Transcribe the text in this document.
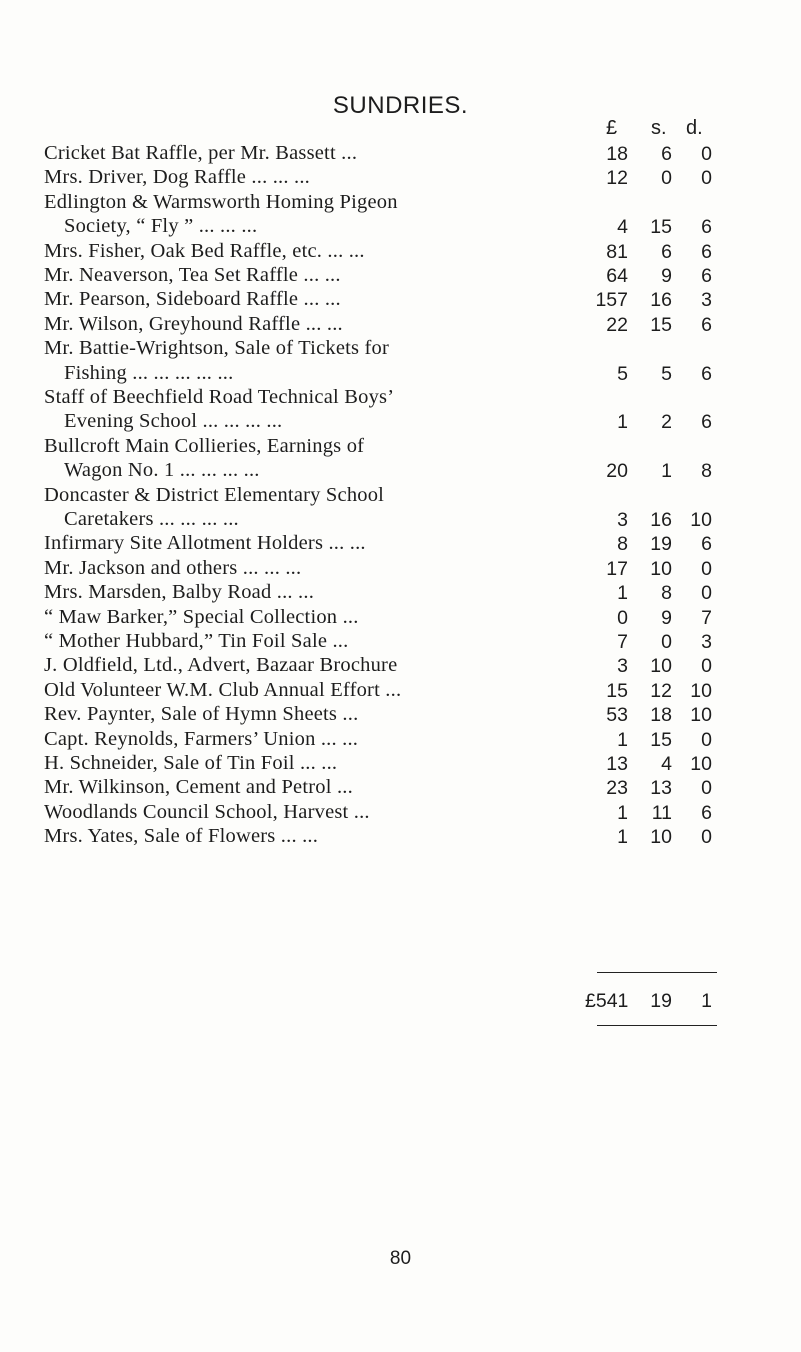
SUNDRIES.
£ s. d.
Cricket Bat Raffle, per Mr. Bassett ...	18	6	0
Mrs. Driver, Dog Raffle ... ... ...	12	0	0
Edlington & Warmsworth Homing Pigeon
Society, “ Fly ” ... ... ...	4	15	6
Mrs. Fisher, Oak Bed Raffle, etc. ... ...	81	6	6
Mr. Neaverson, Tea Set Raffle ... ...	64	9	6
Mr. Pearson, Sideboard Raffle ... ...	157	16	3
Mr. Wilson, Greyhound Raffle ... ...	22	15	6
Mr. Battie-Wrightson, Sale of Tickets for
Fishing ... ... ... ... ...	5	5	6
Staff of Beechfield Road Technical Boys’
Evening School ... ... ... ...	1	2	6
Bullcroft Main Collieries, Earnings of
Wagon No. 1 ... ... ... ...	20	1	8
Doncaster & District Elementary School
Caretakers ... ... ... ...	3	16 10
Infirmary Site Allotment Holders ... ...	8	19	6
Mr. Jackson and others ... ... ...	17	10	0
Mrs. Marsden, Balby Road ... ...	1	8	0
“ Maw Barker,” Special Collection ...	0	9	7
“ Mother Hubbard,” Tin Foil Sale ...	7	0	3
J. Oldfield, Ltd., Advert, Bazaar Brochure	3	10	0
Old Volunteer W.M. Club Annual Effort ...	15	12 10
Rev. Paynter, Sale of Hymn Sheets ...	53	18 10
Capt. Reynolds, Farmers’ Union ... ...	1	15	0
H. Schneider, Sale of Tin Foil ... ...	13	4 10
Mr. Wilkinson, Cement and Petrol ...	23	13	0
Woodlands Council School, Harvest ...	1	11	6
Mrs. Yates, Sale of Flowers ... ...	1	10	0
£541	19	1
80
